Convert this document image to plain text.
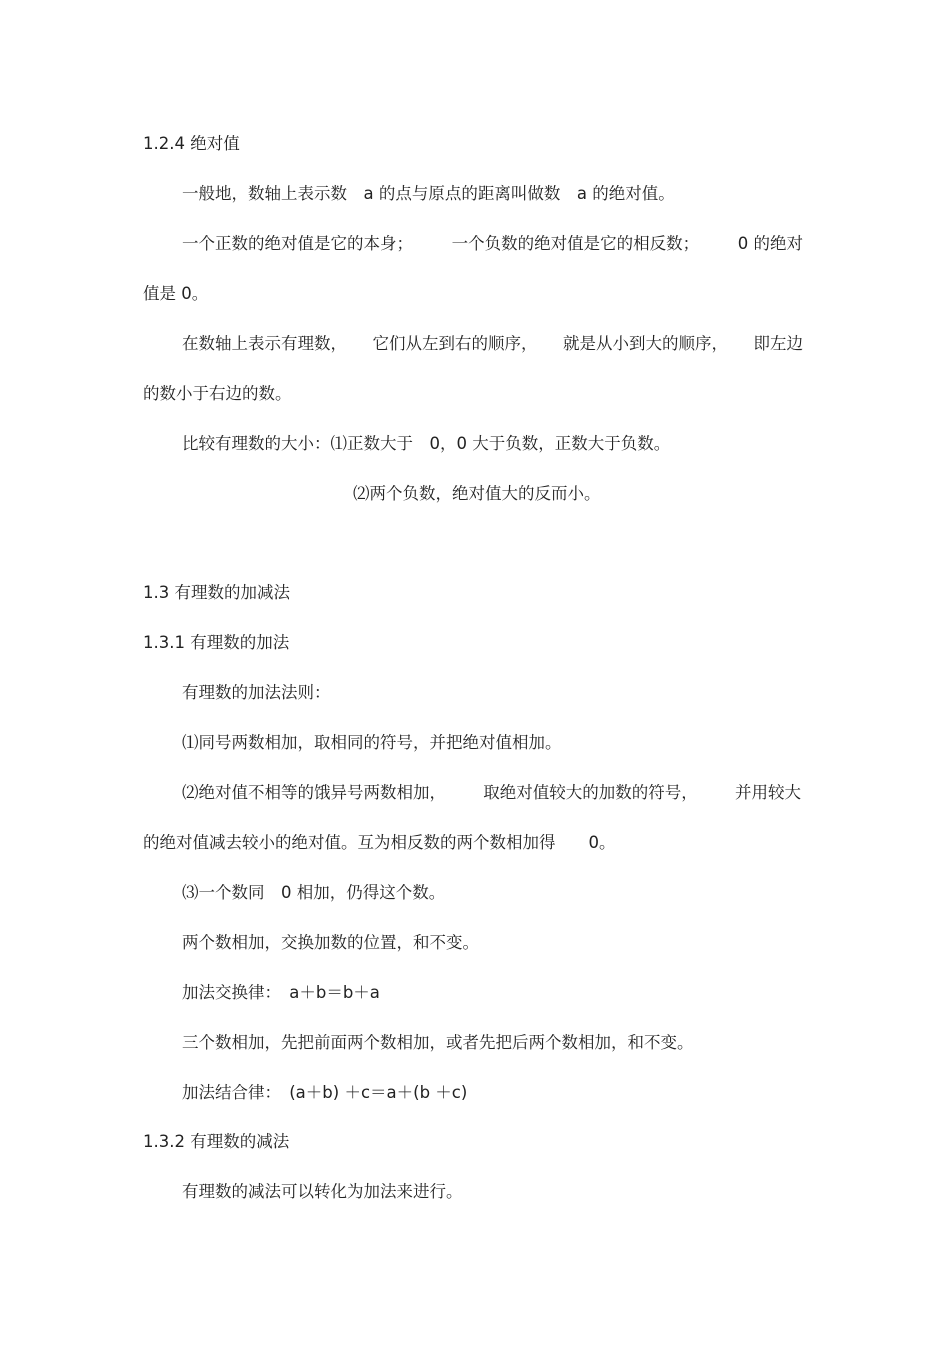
1.2.4 绝对值
一般地，数轴上表示数　a 的点与原点的距离叫做数　a 的绝对值。
一个正数的绝对值是它的本身； 一个负数的绝对值是它的相反数； 0 的绝对
值是 0。
在数轴上表示有理数， 它们从左到右的顺序， 就是从小到大的顺序， 即左边
的数小于右边的数。
比较有理数的大小：⑴正数大于　0，0 大于负数，正数大于负数。
⑵两个负数，绝对值大的反而小。
1.3 有理数的加减法
1.3.1 有理数的加法
有理数的加法法则：
⑴同号两数相加，取相同的符号，并把绝对值相加。
⑵绝对值不相等的饿异号两数相加， 取绝对值较大的加数的符号， 并用较大
的绝对值减去较小的绝对值。互为相反数的两个数相加得　　0。
⑶一个数同　0 相加，仍得这个数。
两个数相加，交换加数的位置，和不变。
加法交换律：　a＋b＝b＋a
三个数相加，先把前面两个数相加，或者先把后两个数相加，和不变。
加法结合律：　(a＋b) ＋c＝a＋(b ＋c)
1.3.2 有理数的减法
有理数的减法可以转化为加法来进行。
